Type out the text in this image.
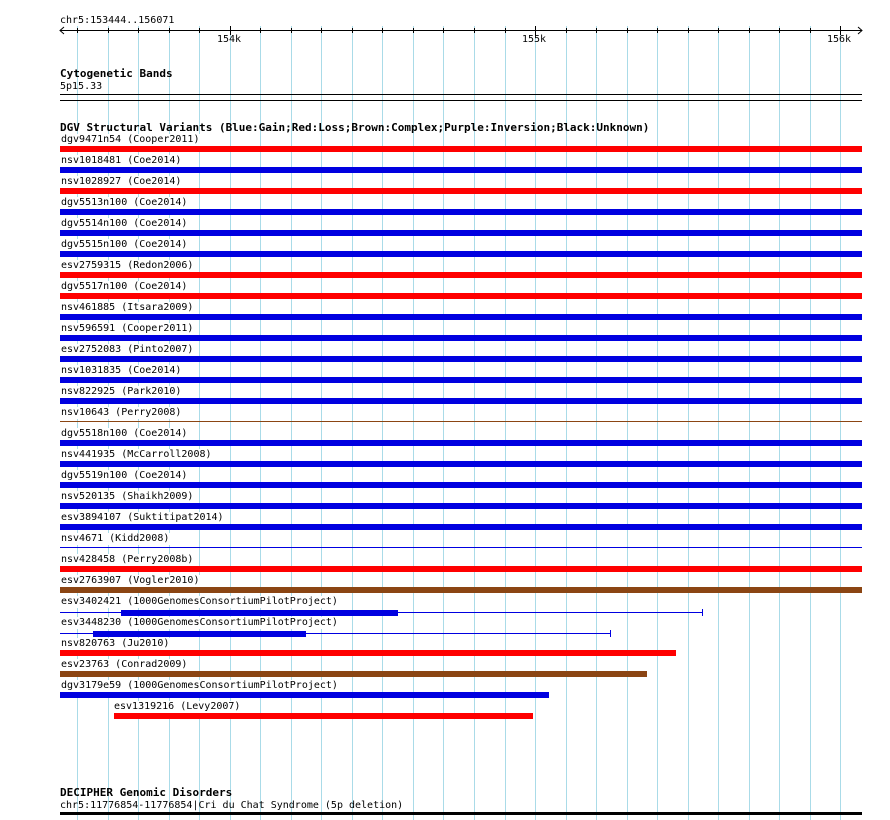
chr5:153444..156071
154k	155k	156k
Cytogenetic Bands
5p15.33
DGV Structural Variants (Blue:Gain;Red:Loss;Brown:Complex;Purple:Inversion;Black:Unknown)
dgv9471n54 (Cooper2011)
nsv1018481 (Coe2014)
nsv1028927 (Coe2014)
dgv5513n100 (Coe2014)
dgv5514n100 (Coe2014)
dgv5515n100 (Coe2014)
esv2759315 (Redon2006)
dgv5517n100 (Coe2014)
nsv461885 (Itsara2009)
nsv596591 (Cooper2011)
esv2752083 (Pinto2007)
nsv1031835 (Coe2014)
nsv822925 (Park2010)
nsv10643 (Perry2008)
dgv5518n100 (Coe2014)
nsv441935 (McCarroll2008)
dgv5519n100 (Coe2014)
nsv520135 (Shaikh2009)
esv3894107 (Suktitipat2014)
nsv4671 (Kidd2008)
nsv428458 (Perry2008b)
esv2763907 (Vogler2010)
esv3402421 (1000GenomesConsortiumPilotProject)
esv3448230 (1000GenomesConsortiumPilotProject)
nsv820763 (Ju2010)
esv23763 (Conrad2009)
dgv3179e59 (1000GenomesConsortiumPilotProject)
esv1319216 (Levy2007)
DECIPHER Genomic Disorders
chr5:11776854-11776854|Cri du Chat Syndrome (5p deletion)
